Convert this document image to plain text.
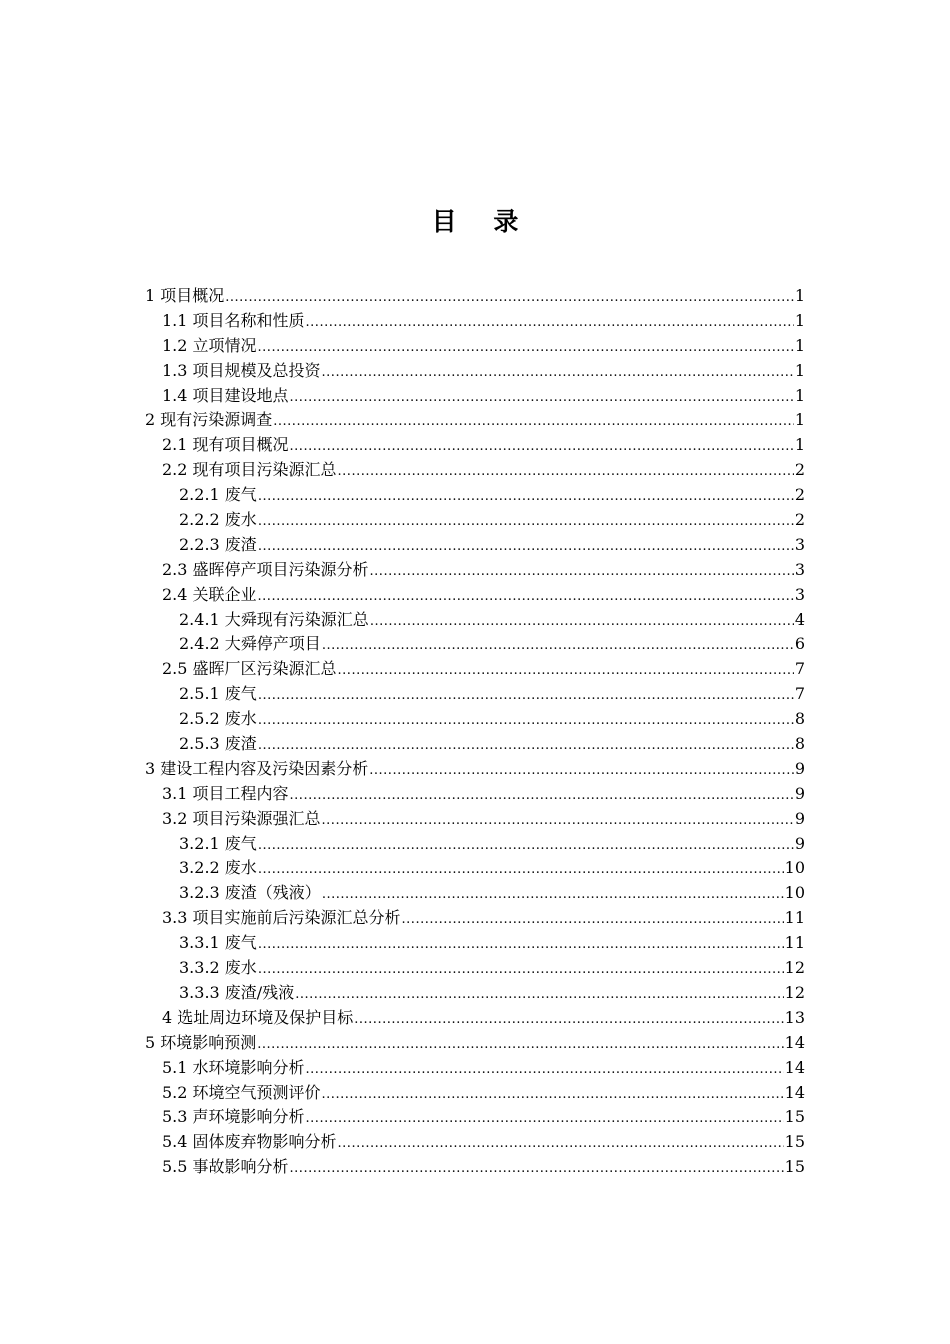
目 录
1 项目概况 .....	1
1.1 项目名称和性质 .....	1
1.2 立项情况 .....	1
1.3 项目规模及总投资 .....	1
1.4 项目建设地点 .....	1
2 现有污染源调查 .....	1
2.1 现有项目概况 .....	1
2.2 现有项目污染源汇总 .....	2
2.2.1 废气 .....	2
2.2.2 废水 .....	2
2.2.3 废渣 .....	3
2.3 盛晖停产项目污染源分析 .....	3
2.4 关联企业 .....	3
2.4.1 大舜现有污染源汇总 .....	4
2.4.2 大舜停产项目 .....	6
2.5 盛晖厂区污染源汇总 .....	7
2.5.1 废气 .....	7
2.5.2 废水 .....	8
2.5.3 废渣 .....	8
3 建设工程内容及污染因素分析 .....	9
3.1 项目工程内容 .....	9
3.2 项目污染源强汇总 .....	9
3.2.1 废气 .....	9
3.2.2 废水 .....	10
3.2.3 废渣（残液） .....	10
3.3 项目实施前后污染源汇总分析 .....	11
3.3.1 废气 .....	11
3.3.2 废水 .....	12
3.3.3 废渣/残液 .....	12
4 选址周边环境及保护目标 .....	13
5 环境影响预测 .....	14
5.1 水环境影响分析 .....	14
5.2 环境空气预测评价 .....	14
5.3 声环境影响分析 .....	15
5.4 固体废弃物影响分析 .....	15
5.5 事故影响分析 .....	15
